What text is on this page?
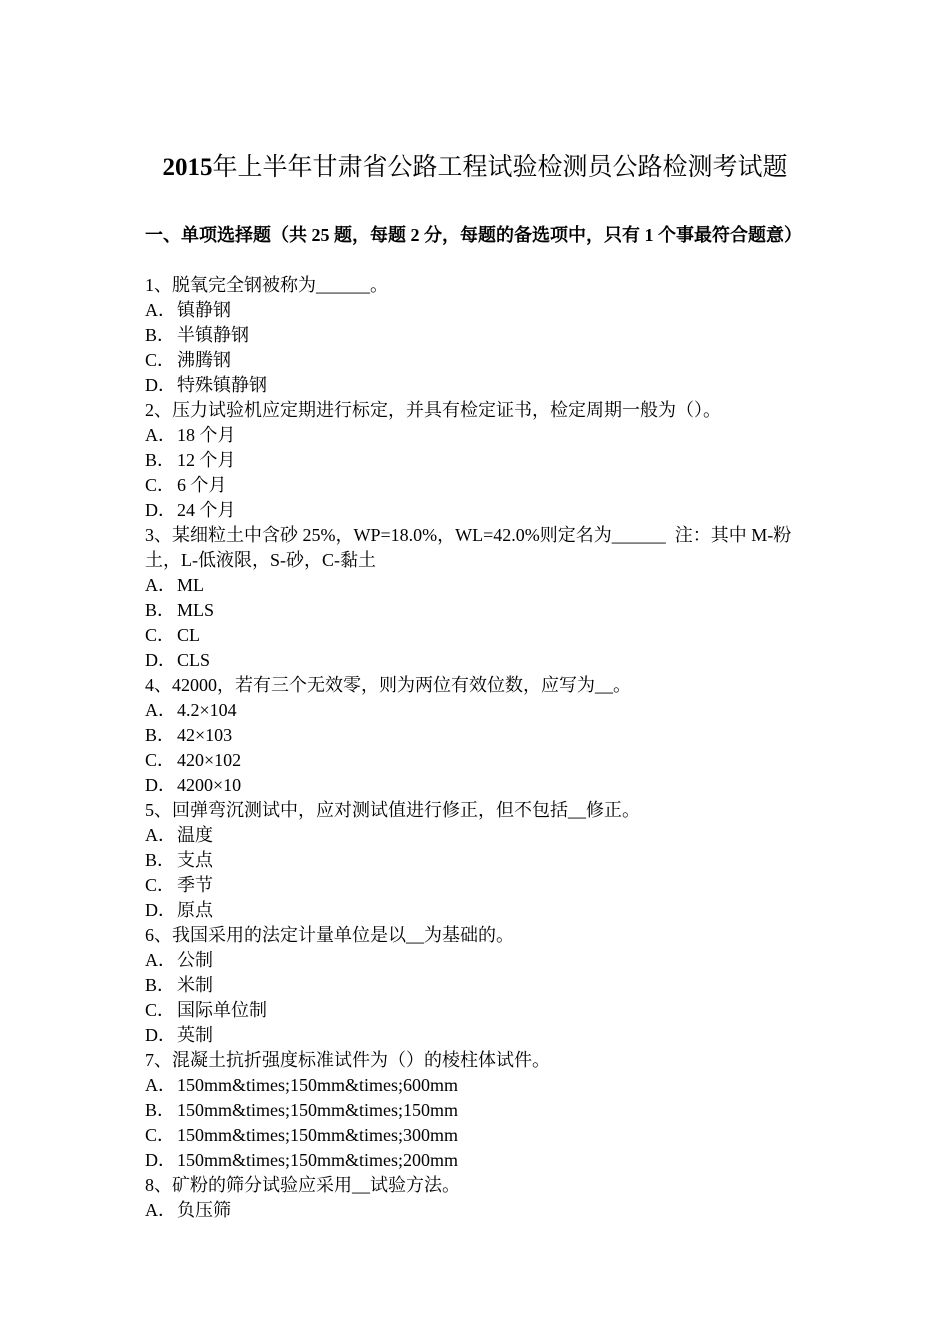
2015年上半年甘肃省公路工程试验检测员公路检测考试题
一、单项选择题（共 25 题，每题 2 分，每题的备选项中，只有 1 个事最符合题意）

1、脱氧完全钢被称为______。

A．镇静钢

B． 半镇静钢

C． 沸腾钢

D．特殊镇静钢

2、压力试验机应定期进行标定，并具有检定证书，检定周期一般为（）。

A．18 个月

B． 12 个月

C． 6 个月

D．24 个月

3、某细粒土中含砂 25%，WP=18.0%，WL=42.0%则定名为______  注：其中 M-粉土，L-低液限，S-砂，C-黏土

A．ML

B． MLS

C． CL

D．CLS

4、42000，若有三个无效零，则为两位有效位数，应写为__。

A．4.2×104

B． 42×103

C． 420×102

D．4200×10

5、回弹弯沉测试中，应对测试值进行修正，但不包括__修正。

A．温度

B． 支点

C． 季节

D．原点

6、我国采用的法定计量单位是以__为基础的。

A．公制

B． 米制

C． 国际单位制

D．英制

7、混凝土抗折强度标准试件为（）的棱柱体试件。

A．150mm&times;150mm&times;600mm

B． 150mm&times;150mm&times;150mm

C． 150mm&times;150mm&times;300mm

D．150mm&times;150mm&times;200mm

8、矿粉的筛分试验应采用__试验方法。

A．负压筛
